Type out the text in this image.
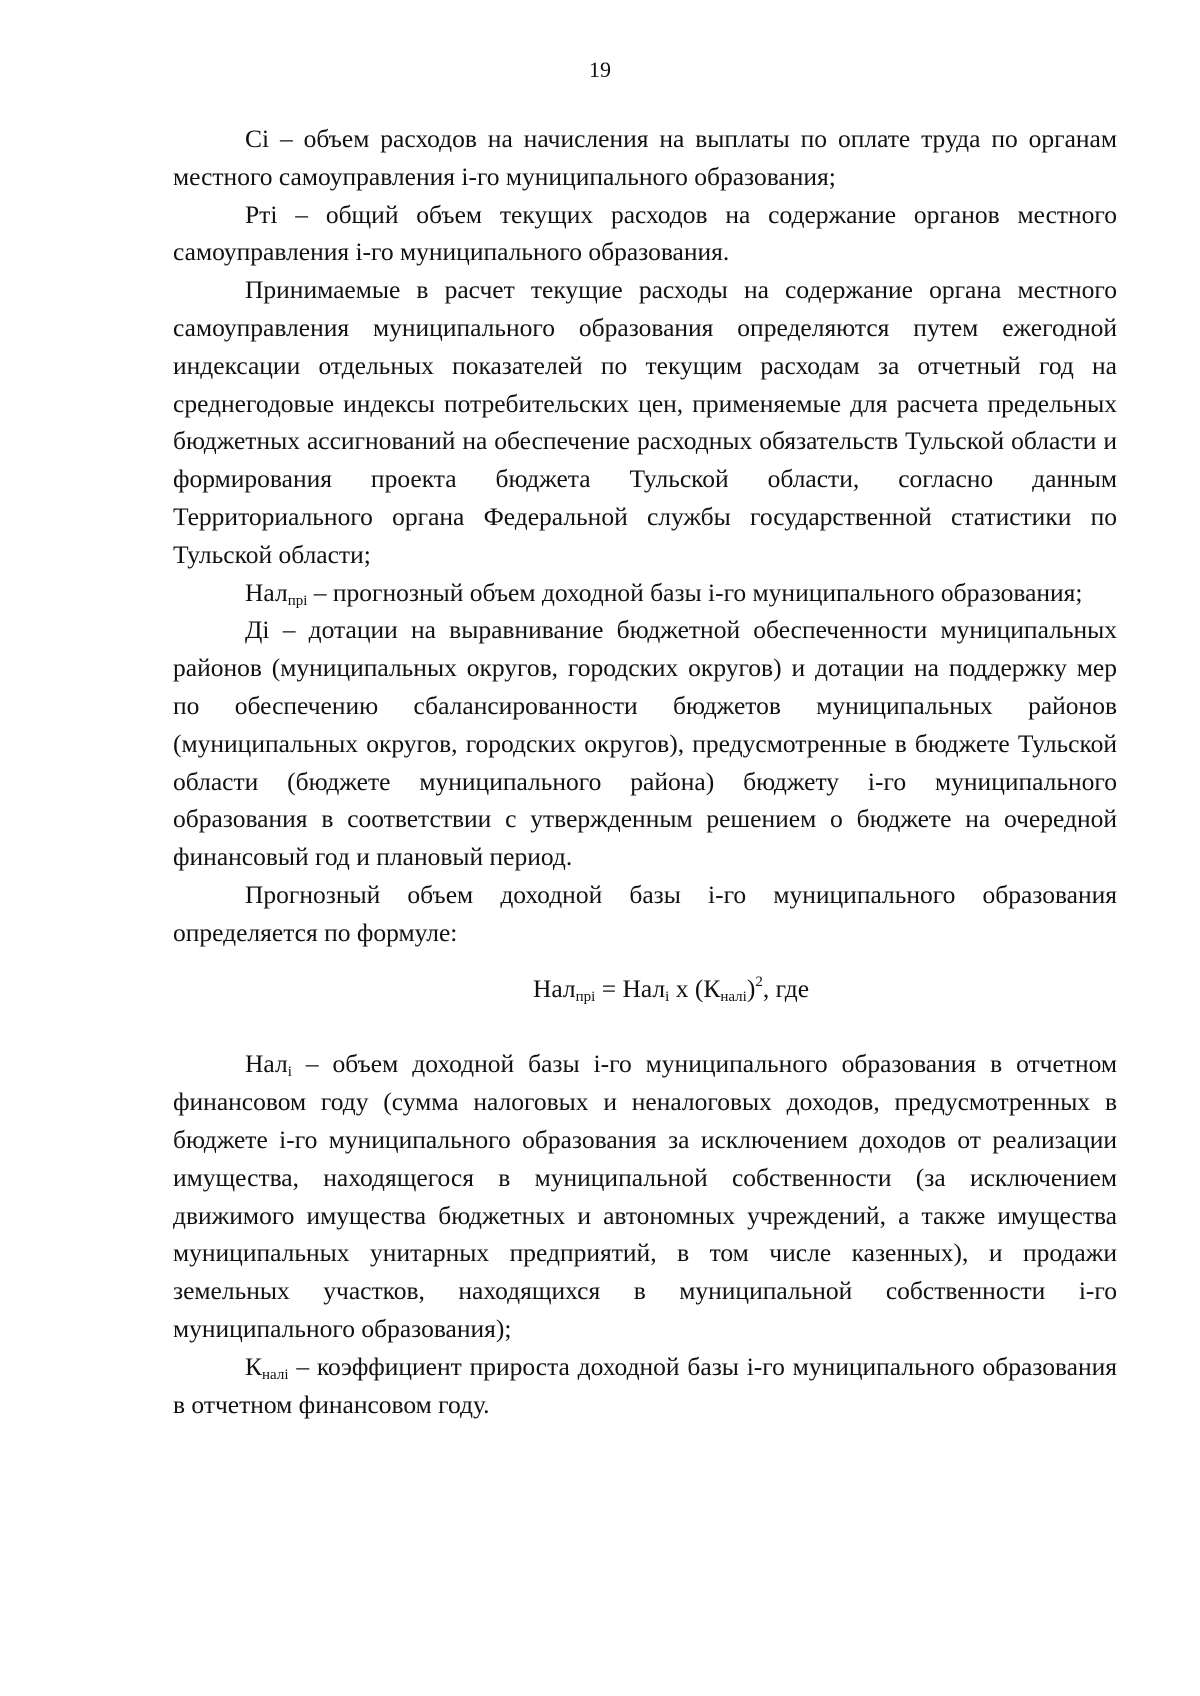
19

Ci – объем расходов на начисления на выплаты по оплате труда по органам местного самоуправления i-го муниципального образования;

Pтi – общий объем текущих расходов на содержание органов местного самоуправления i-го муниципального образования.

Принимаемые в расчет текущие расходы на содержание органа местного самоуправления муниципального образования определяются путем ежегодной индексации отдельных показателей по текущим расходам за отчетный год на среднегодовые индексы потребительских цен, применяемые для расчета предельных бюджетных ассигнований на обеспечение расходных обязательств Тульской области и формирования проекта бюджета Тульской области, согласно данным Территориального органа Федеральной службы государственной статистики по Тульской области;

Нал$_{прi}$ – прогнозный объем доходной базы i-го муниципального образования;

Дi – дотации на выравнивание бюджетной обеспеченности муниципальных районов (муниципальных округов, городских округов) и дотации на поддержку мер по обеспечению сбалансированности бюджетов муниципальных районов (муниципальных округов, городских округов), предусмотренные в бюджете Тульской области (бюджете муниципального района) бюджету i-го муниципального образования в соответствии с утвержденным решением о бюджете на очередной финансовый год и плановый период.

Прогнозный объем доходной базы i-го муниципального образования определяется по формуле:

Нал$_{прi}$ = Нал$_i$ х $(К_{налi})^2$, где

Нал$_i$ – объем доходной базы i-го муниципального образования в отчетном финансовом году (сумма налоговых и неналоговых доходов, предусмотренных в бюджете i-го муниципального образования за исключением доходов от реализации имущества, находящегося в муниципальной собственности (за исключением движимого имущества бюджетных и автономных учреждений, а также имущества муниципальных унитарных предприятий, в том числе казенных), и продажи земельных участков, находящихся в муниципальной собственности i-го муниципального образования);

$К_{налi}$ – коэффициент прироста доходной базы i-го муниципального образования в отчетном финансовом году.
